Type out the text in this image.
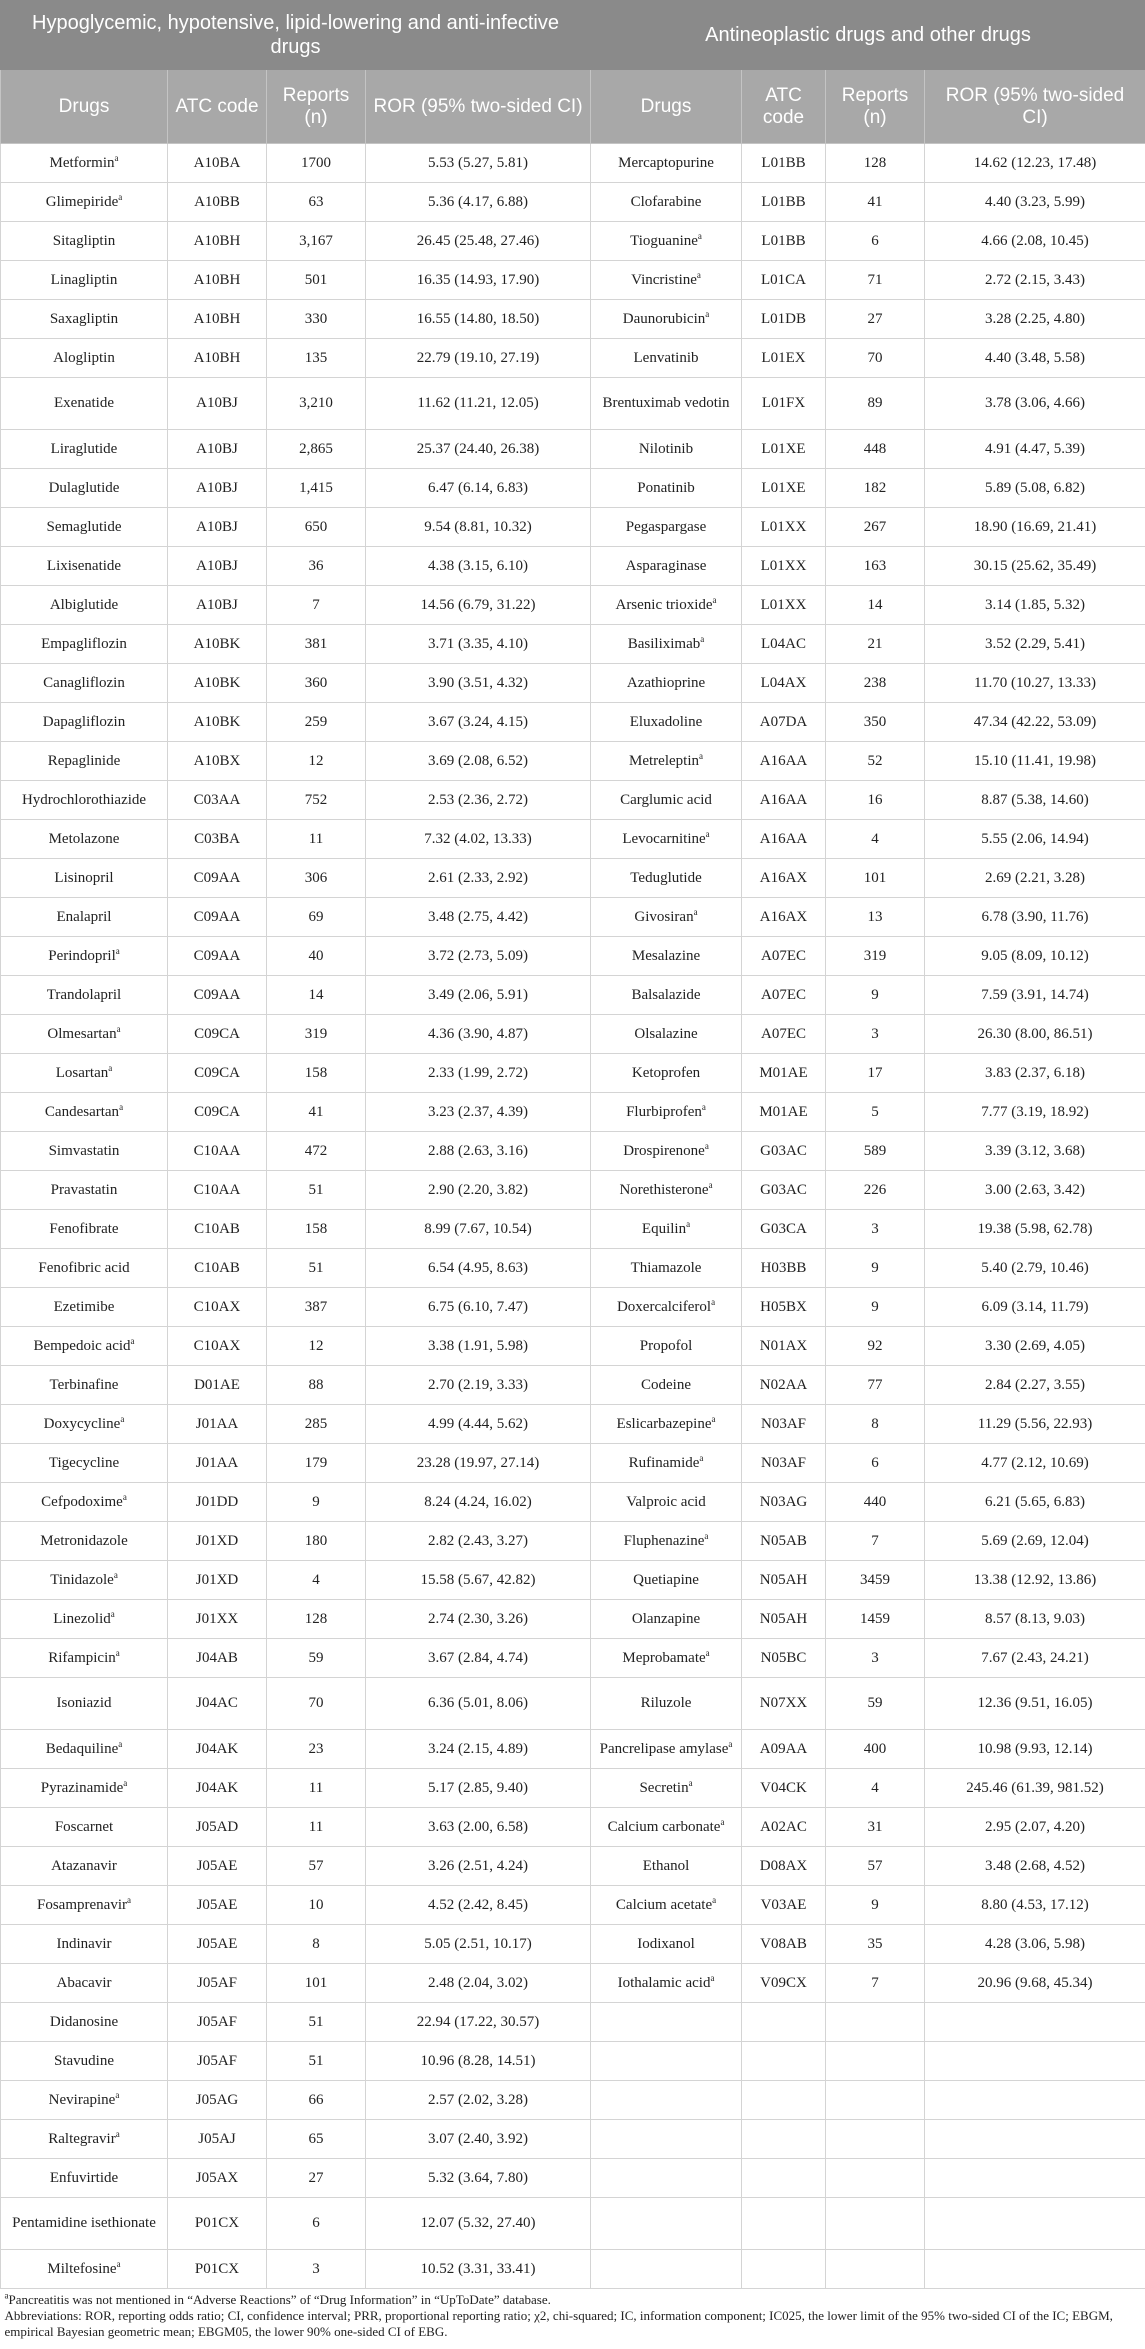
Hypoglycemic, hypotensive, lipid-lowering and anti-infective drugs				Antineoplastic drugs and other drugs			
Drugs	ATC code	Reports (n)	ROR (95% two-sided CI)	Drugs	ATC code	Reports (n)	ROR (95% two-sided CI)
Metformin$^a$	A10BA	1700	5.53 (5.27, 5.81)	Mercaptopurine	L01BB	128	14.62 (12.23, 17.48)
Glimepiride$^a$	A10BB	63	5.36 (4.17, 6.88)	Clofarabine	L01BB	41	4.40 (3.23, 5.99)
Sitagliptin	A10BH	3,167	26.45 (25.48, 27.46)	Tioguanine$^a$	L01BB	6	4.66 (2.08, 10.45)
Linagliptin	A10BH	501	16.35 (14.93, 17.90)	Vincristine$^a$	L01CA	71	2.72 (2.15, 3.43)
Saxagliptin	A10BH	330	16.55 (14.80, 18.50)	Daunorubicin$^a$	L01DB	27	3.28 (2.25, 4.80)
Alogliptin	A10BH	135	22.79 (19.10, 27.19)	Lenvatinib	L01EX	70	4.40 (3.48, 5.58)
Exenatide	A10BJ	3,210	11.62 (11.21, 12.05)	Brentuximab vedotin	L01FX	89	3.78 (3.06, 4.66)
Liraglutide	A10BJ	2,865	25.37 (24.40, 26.38)	Nilotinib	L01XE	448	4.91 (4.47, 5.39)
Dulaglutide	A10BJ	1,415	6.47 (6.14, 6.83)	Ponatinib	L01XE	182	5.89 (5.08, 6.82)
Semaglutide	A10BJ	650	9.54 (8.81, 10.32)	Pegaspargase	L01XX	267	18.90 (16.69, 21.41)
Lixisenatide	A10BJ	36	4.38 (3.15, 6.10)	Asparaginase	L01XX	163	30.15 (25.62, 35.49)
Albiglutide	A10BJ	7	14.56 (6.79, 31.22)	Arsenic trioxide$^a$	L01XX	14	3.14 (1.85, 5.32)
Empagliflozin	A10BK	381	3.71 (3.35, 4.10)	Basiliximab$^a$	L04AC	21	3.52 (2.29, 5.41)
Canagliflozin	A10BK	360	3.90 (3.51, 4.32)	Azathioprine	L04AX	238	11.70 (10.27, 13.33)
Dapagliflozin	A10BK	259	3.67 (3.24, 4.15)	Eluxadoline	A07DA	350	47.34 (42.22, 53.09)
Repaglinide	A10BX	12	3.69 (2.08, 6.52)	Metreleptin$^a$	A16AA	52	15.10 (11.41, 19.98)
Hydrochlorothiazide	C03AA	752	2.53 (2.36, 2.72)	Carglumic acid	A16AA	16	8.87 (5.38, 14.60)
Metolazone	C03BA	11	7.32 (4.02, 13.33)	Levocarnitine$^a$	A16AA	4	5.55 (2.06, 14.94)
Lisinopril	C09AA	306	2.61 (2.33, 2.92)	Teduglutide	A16AX	101	2.69 (2.21, 3.28)
Enalapril	C09AA	69	3.48 (2.75, 4.42)	Givosiran$^a$	A16AX	13	6.78 (3.90, 11.76)
Perindopril$^a$	C09AA	40	3.72 (2.73, 5.09)	Mesalazine	A07EC	319	9.05 (8.09, 10.12)
Trandolapril	C09AA	14	3.49 (2.06, 5.91)	Balsalazide	A07EC	9	7.59 (3.91, 14.74)
Olmesartan$^a$	C09CA	319	4.36 (3.90, 4.87)	Olsalazine	A07EC	3	26.30 (8.00, 86.51)
Losartan$^a$	C09CA	158	2.33 (1.99, 2.72)	Ketoprofen	M01AE	17	3.83 (2.37, 6.18)
Candesartan$^a$	C09CA	41	3.23 (2.37, 4.39)	Flurbiprofen$^a$	M01AE	5	7.77 (3.19, 18.92)
Simvastatin	C10AA	472	2.88 (2.63, 3.16)	Drospirenone$^a$	G03AC	589	3.39 (3.12, 3.68)
Pravastatin	C10AA	51	2.90 (2.20, 3.82)	Norethisterone$^a$	G03AC	226	3.00 (2.63, 3.42)
Fenofibrate	C10AB	158	8.99 (7.67, 10.54)	Equilin$^a$	G03CA	3	19.38 (5.98, 62.78)
Fenofibric acid	C10AB	51	6.54 (4.95, 8.63)	Thiamazole	H03BB	9	5.40 (2.79, 10.46)
Ezetimibe	C10AX	387	6.75 (6.10, 7.47)	Doxercalciferol$^a$	H05BX	9	6.09 (3.14, 11.79)
Bempedoic acid$^a$	C10AX	12	3.38 (1.91, 5.98)	Propofol	N01AX	92	3.30 (2.69, 4.05)
Terbinafine	D01AE	88	2.70 (2.19, 3.33)	Codeine	N02AA	77	2.84 (2.27, 3.55)
Doxycycline$^a$	J01AA	285	4.99 (4.44, 5.62)	Eslicarbazepine$^a$	N03AF	8	11.29 (5.56, 22.93)
Tigecycline	J01AA	179	23.28 (19.97, 27.14)	Rufinamide$^a$	N03AF	6	4.77 (2.12, 10.69)
Cefpodoxime$^a$	J01DD	9	8.24 (4.24, 16.02)	Valproic acid	N03AG	440	6.21 (5.65, 6.83)
Metronidazole	J01XD	180	2.82 (2.43, 3.27)	Fluphenazine$^a$	N05AB	7	5.69 (2.69, 12.04)
Tinidazole$^a$	J01XD	4	15.58 (5.67, 42.82)	Quetiapine	N05AH	3459	13.38 (12.92, 13.86)
Linezolid$^a$	J01XX	128	2.74 (2.30, 3.26)	Olanzapine	N05AH	1459	8.57 (8.13, 9.03)
Rifampicin$^a$	J04AB	59	3.67 (2.84, 4.74)	Meprobamate$^a$	N05BC	3	7.67 (2.43, 24.21)
Isoniazid	J04AC	70	6.36 (5.01, 8.06)	Riluzole	N07XX	59	12.36 (9.51, 16.05)
Bedaquiline$^a$	J04AK	23	3.24 (2.15, 4.89)	Pancrelipase amylase$^a$	A09AA	400	10.98 (9.93, 12.14)
Pyrazinamide$^a$	J04AK	11	5.17 (2.85, 9.40)	Secretin$^a$	V04CK	4	245.46 (61.39, 981.52)
Foscarnet	J05AD	11	3.63 (2.00, 6.58)	Calcium carbonate$^a$	A02AC	31	2.95 (2.07, 4.20)
Atazanavir	J05AE	57	3.26 (2.51, 4.24)	Ethanol	D08AX	57	3.48 (2.68, 4.52)
Fosamprenavir$^a$	J05AE	10	4.52 (2.42, 8.45)	Calcium acetate$^a$	V03AE	9	8.80 (4.53, 17.12)
Indinavir	J05AE	8	5.05 (2.51, 10.17)	Iodixanol	V08AB	35	4.28 (3.06, 5.98)
Abacavir	J05AF	101	2.48 (2.04, 3.02)	Iothalamic acid$^a$	V09CX	7	20.96 (9.68, 45.34)
Didanosine	J05AF	51	22.94 (17.22, 30.57)				
Stavudine	J05AF	51	10.96 (8.28, 14.51)				
Nevirapine$^a$	J05AG	66	2.57 (2.02, 3.28)				
Raltegravir$^a$	J05AJ	65	3.07 (2.40, 3.92)				
Enfuvirtide	J05AX	27	5.32 (3.64, 7.80)				
Pentamidine isethionate	P01CX	6	12.07 (5.32, 27.40)				
Miltefosine$^a$	P01CX	3	10.52 (3.31, 33.41)				

$^a$Pancreatitis was not mentioned in “Adverse Reactions” of “Drug Information” in “UpToDate” database.

Abbreviations: ROR, reporting odds ratio; CI, confidence interval; PRR, proportional reporting ratio; χ2, chi-squared; IC, information component; IC025, the lower limit of the 95% two-sided CI of the IC; EBGM, empirical Bayesian geometric mean; EBGM05, the lower 90% one-sided CI of EBG.							
